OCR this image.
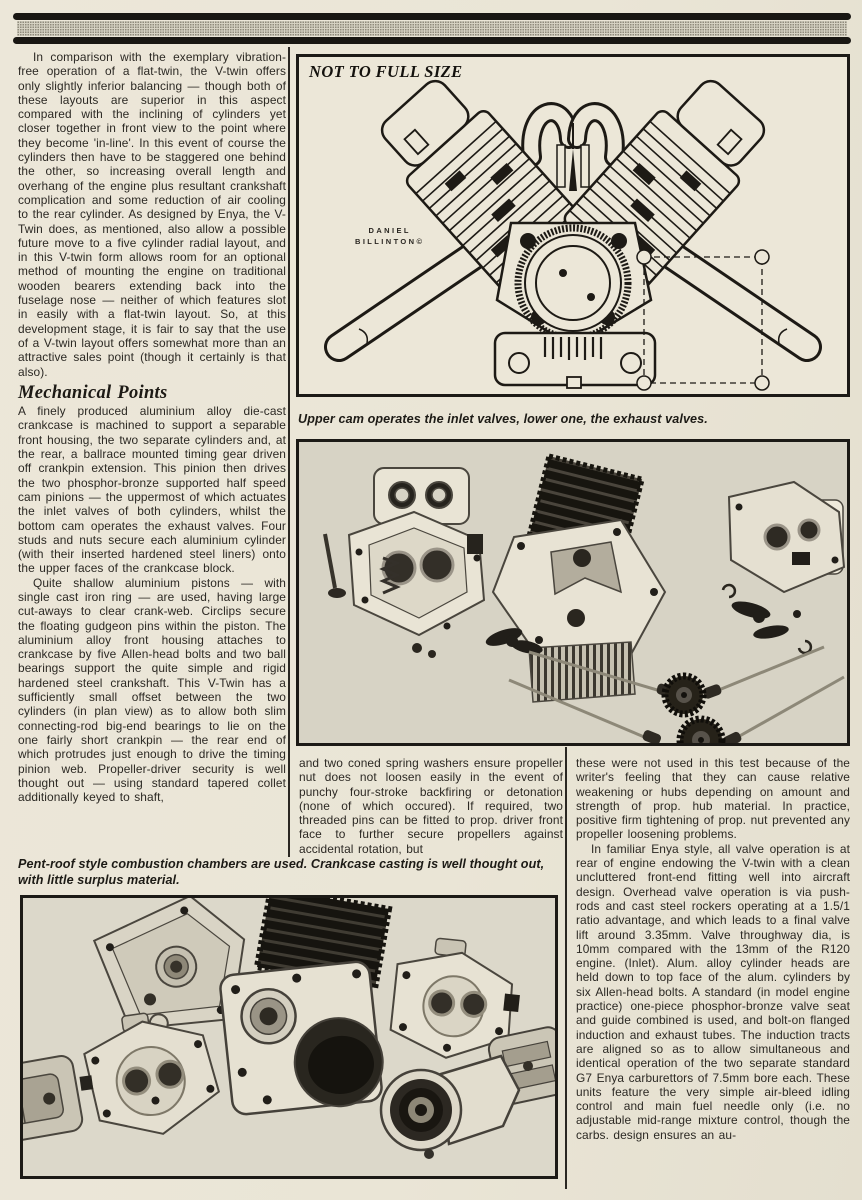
In comparison with the exemplary vibration-free operation of a flat-twin, the V-twin offers only slightly inferior balancing — though both of these layouts are superior in this aspect compared with the inclining of cylinders yet closer together in front view to the point where they become 'in-line'. In this event of course the cylinders then have to be staggered one behind the other, so increasing overall length and overhang of the engine plus resultant crankshaft complication and some reduction of air cooling to the rear cylinder. As designed by Enya, the V-Twin does, as mentioned, also allow a possible future move to a five cylinder radial layout, and in this V-twin form allows room for an optional method of mounting the engine on traditional wooden bearers extending back into the fuselage nose — neither of which features slot in easily with a flat-twin layout. So, at this development stage, it is fair to say that the use of a V-twin layout offers somewhat more than an attractive sales point (though it certainly is that also).

Mechanical Points

A finely produced aluminium alloy die-cast crankcase is machined to support a separable front housing, the two separate cylinders and, at the rear, a ballrace mounted timing gear driven off crankpin extension. This pinion then drives the two phosphor-bronze supported half speed cam pinions — the uppermost of which actuates the inlet valves of both cylinders, whilst the bottom cam operates the exhaust valves. Four studs and nuts secure each aluminium cylinder (with their inserted hardened steel liners) onto the upper faces of the crankcase block.

Quite shallow aluminium pistons — with single cast iron ring — are used, having large cut-aways to clear crank-web. Circlips secure the floating gudgeon pins within the piston. The aluminium alloy front housing attaches to crankcase by five Allen-head bolts and two ball bearings support the quite simple and rigid hardened steel crankshaft. This V-Twin has a sufficiently small offset between the two cylinders (in plan view) as to allow both slim connecting-rod big-end bearings to lie on the one fairly short crankpin — the rear end of which protrudes just enough to drive the timing pinion web. Propeller-driver security is well thought out — using standard tapered collet additionally keyed to shaft,

NOT TO FULL SIZE
DANIEL
BILLINTON©
Upper cam operates the inlet valves, lower one, the exhaust valves.

and two coned spring washers ensure propeller nut does not loosen easily in the event of punchy four-stroke backfiring or detonation (none of which occured). If required, two threaded pins can be fitted to prop. driver front face to further secure propellers against accidental rotation, but

these were not used in this test because of the writer's feeling that they can cause relative weakening or hubs depending on amount and strength of prop. hub material. In practice, positive firm tightening of prop. nut prevented any propeller loosening problems.

In familiar Enya style, all valve operation is at rear of engine endowing the V-twin with a clean uncluttered front-end fitting well into aircraft design. Overhead valve operation is via push-rods and cast steel rockers operating at a 1.5/1 ratio advantage, and which leads to a final valve lift around 3.35mm. Valve throughway dia, is 10mm compared with the 13mm of the R120 engine. (Inlet). Alum. alloy cylinder heads are held down to top face of the alum. cylinders by six Allen-head bolts. A standard (in model engine practice) one-piece phosphor-bronze valve seat and guide combined is used, and bolt-on flanged induction and exhaust tubes. The induction tracts are aligned so as to allow simultaneous and identical operation of the two separate standard G7 Enya carburettors of 7.5mm bore each. These units feature the very simple air-bleed idling control and main fuel needle only (i.e. no adjustable mid-range mixture control, though the carbs. design ensures an au-

Pent-roof style combustion chambers are used. Crankcase casting is well thought out, with little surplus material.
